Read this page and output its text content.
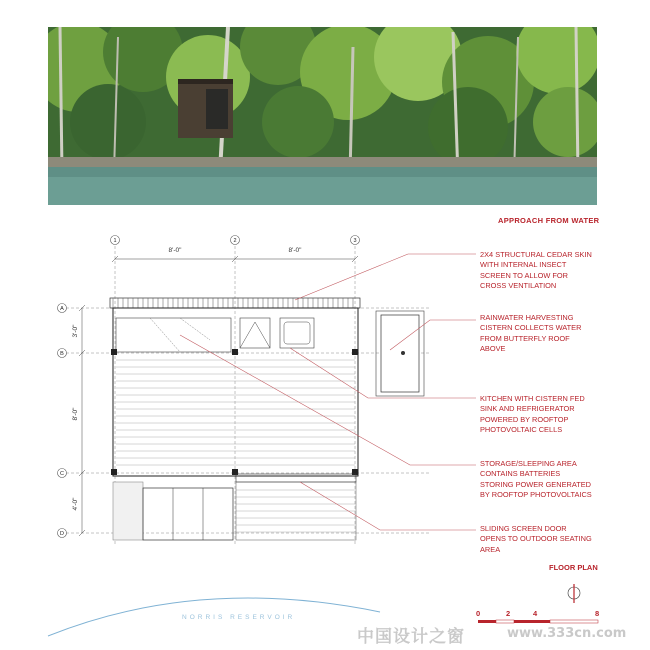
APPROACH FROM WATER
1	2	3
A
B
C
D
8'-0"	8'-0"
3'-0"
8'-0"
4'-0"
2X4 STRUCTURAL CEDAR SKIN
WITH INTERNAL INSECT
SCREEN TO ALLOW FOR
CROSS VENTILATION
RAINWATER HARVESTING
CISTERN COLLECTS WATER
FROM BUTTERFLY ROOF
ABOVE
KITCHEN WITH CISTERN FED
SINK AND REFRIGERATOR
POWERED BY ROOFTOP
PHOTOVOLTAIC CELLS
STORAGE/SLEEPING AREA
CONTAINS BATTERIES
STORING POWER GENERATED
BY ROOFTOP PHOTOVOLTAICS
SLIDING SCREEN DOOR
OPENS TO OUTDOOR SEATING
AREA
FLOOR PLAN
0	2	4	8
NORRIS RESERVOIR
中国设计之窗	www.333cn.com
